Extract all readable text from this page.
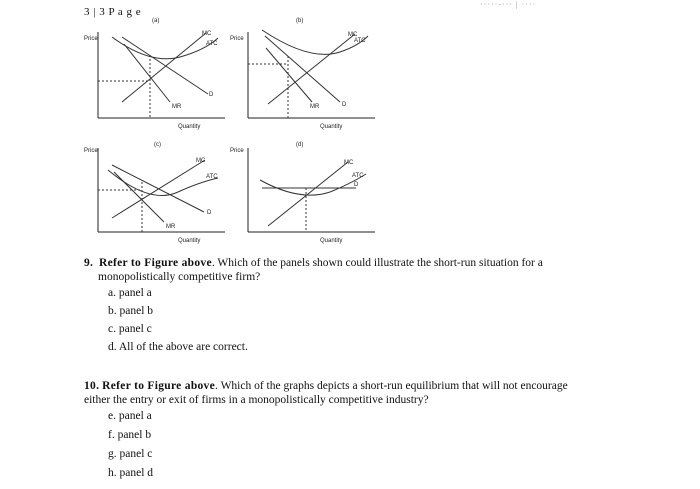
3 | 3 P a g e
·····-··· | ····
(a)
Price
MC
ATC
D
MR
Quantity
(b)
Price
MC
ATC
D
MR
Quantity
(c)
Price
MC
ATC
D
MR
Quantity
(d)
Price
MC
ATC
D
Quantity
9. Refer to Figure above. Which of the panels shown could illustrate the short-run situation for a
monopolistically competitive firm?
a. panel a
b. panel b
c. panel c
d. All of the above are correct.
10. Refer to Figure above. Which of the graphs depicts a short-run equilibrium that will not encourage
either the entry or exit of firms in a monopolistically competitive industry?
e. panel a
f. panel b
g. panel c
h. panel d
